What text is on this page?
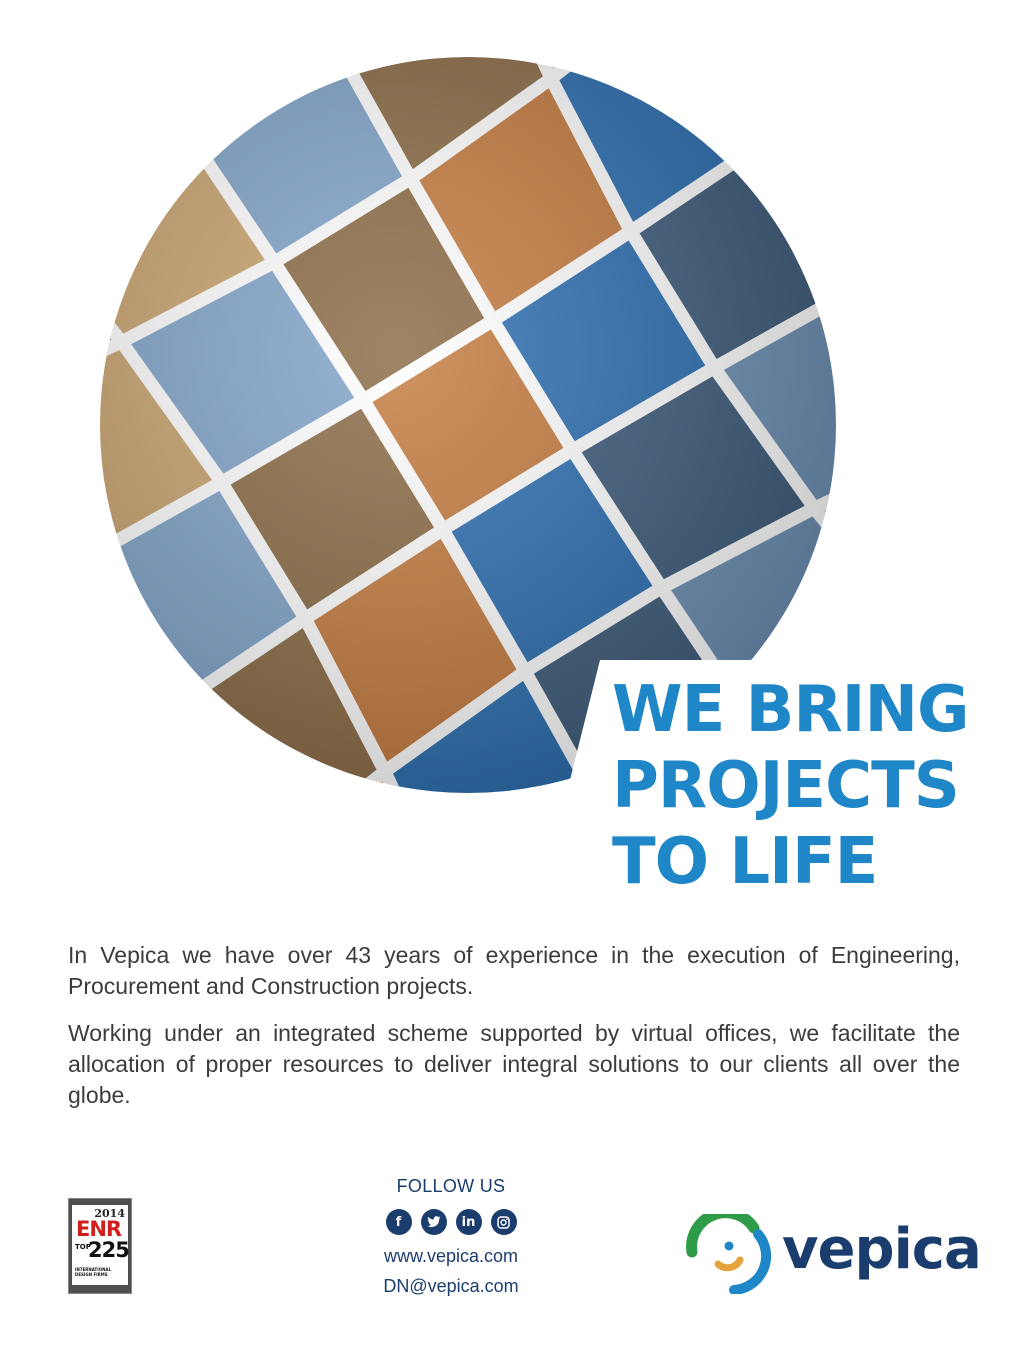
WE BRING
PROJECTS
TO LIFE

In Vepica we have over 43 years of experience in the execution of Engineering, Procurement and Construction projects.

Working under an integrated scheme supported by virtual offices, we facilitate the allocation of proper resources to deliver integral solutions to our clients all over the globe.

2014
ENR
TOP
225
INTERNATIONAL DESIGN FIRMS
FOLLOW US
f	in
www.vepica.com
DN@vepica.com
vepica
